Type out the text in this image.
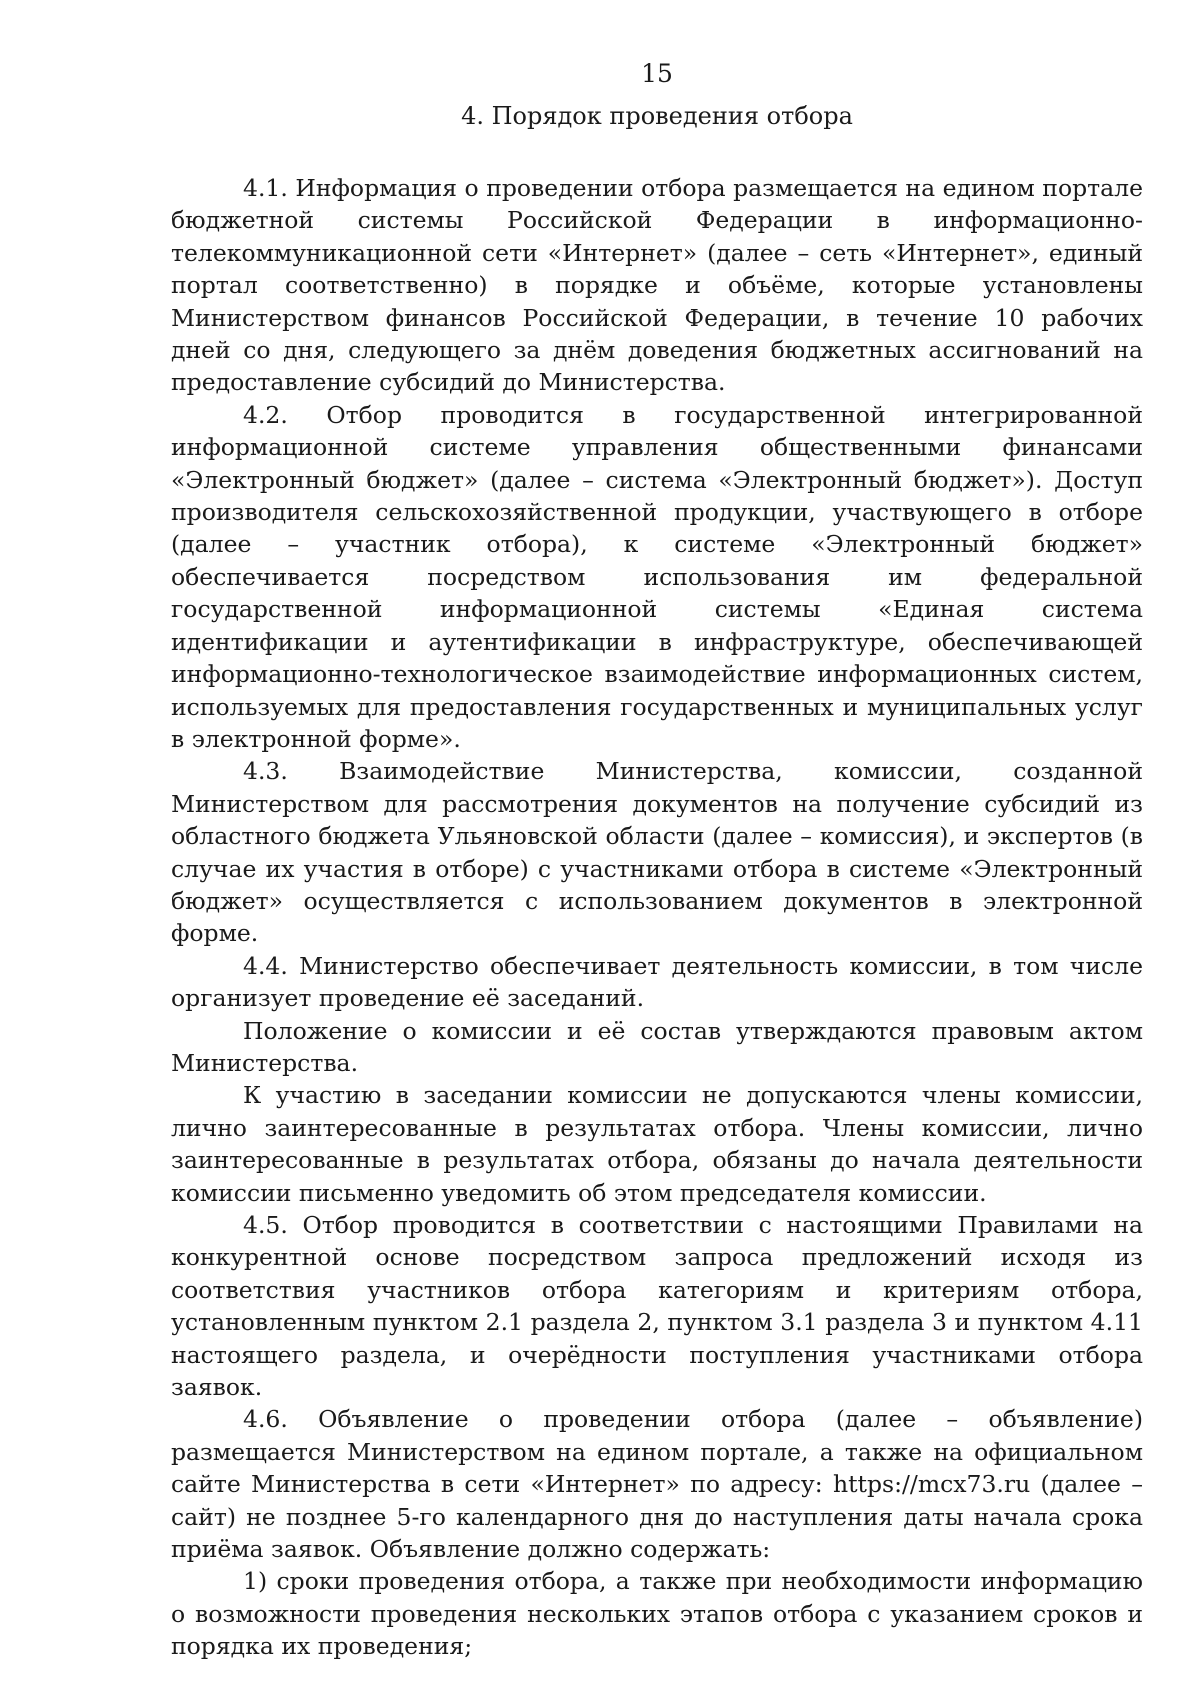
15
4. Порядок проведения отбора

4.1. Информация о проведении отбора размещается на едином портале бюджетной системы Российской Федерации в информационно-телекоммуникационной сети «Интернет» (далее – сеть «Интернет», единый портал соответственно) в порядке и объёме, которые установлены Министерством финансов Российской Федерации, в течение 10 рабочих дней со дня, следующего за днём доведения бюджетных ассигнований на предоставление субсидий до Министерства.

4.2. Отбор проводится в государственной интегрированной информационной системе управления общественными финансами «Электронный бюджет» (далее – система «Электронный бюджет»). Доступ производителя сельскохозяйственной продукции, участвующего в отборе (далее – участник отбора), к системе «Электронный бюджет» обеспечивается посредством использования им федеральной государственной информационной системы «Единая система идентификации и аутентификации в инфраструктуре, обеспечивающей информационно-технологическое взаимодействие информационных систем, используемых для предоставления государственных и муниципальных услуг в электронной форме».

4.3. Взаимодействие Министерства, комиссии, созданной Министерством для рассмотрения документов на получение субсидий из областного бюджета Ульяновской области (далее – комиссия), и экспертов (в случае их участия в отборе) с участниками отбора в системе «Электронный бюджет» осуществляется с использованием документов в электронной форме.

4.4. Министерство обеспечивает деятельность комиссии, в том числе организует проведение её заседаний.

Положение о комиссии и её состав утверждаются правовым актом Министерства.

К участию в заседании комиссии не допускаются члены комиссии, лично заинтересованные в результатах отбора. Члены комиссии, лично заинтересованные в результатах отбора, обязаны до начала деятельности комиссии письменно уведомить об этом председателя комиссии.

4.5. Отбор проводится в соответствии с настоящими Правилами на конкурентной основе посредством запроса предложений исходя из соответствия участников отбора категориям и критериям отбора, установленным пунктом 2.1 раздела 2, пунктом 3.1 раздела 3 и пунктом 4.11 настоящего раздела, и очерёдности поступления участниками отбора заявок.

4.6. Объявление о проведении отбора (далее – объявление) размещается Министерством на едином портале, а также на официальном сайте Министерства в сети «Интернет» по адресу: https://mcx73.ru (далее – сайт) не позднее 5-го календарного дня до наступления даты начала срока приёма заявок. Объявление должно содержать:

1) сроки проведения отбора, а также при необходимости информацию о возможности проведения нескольких этапов отбора с указанием сроков и порядка их проведения;
